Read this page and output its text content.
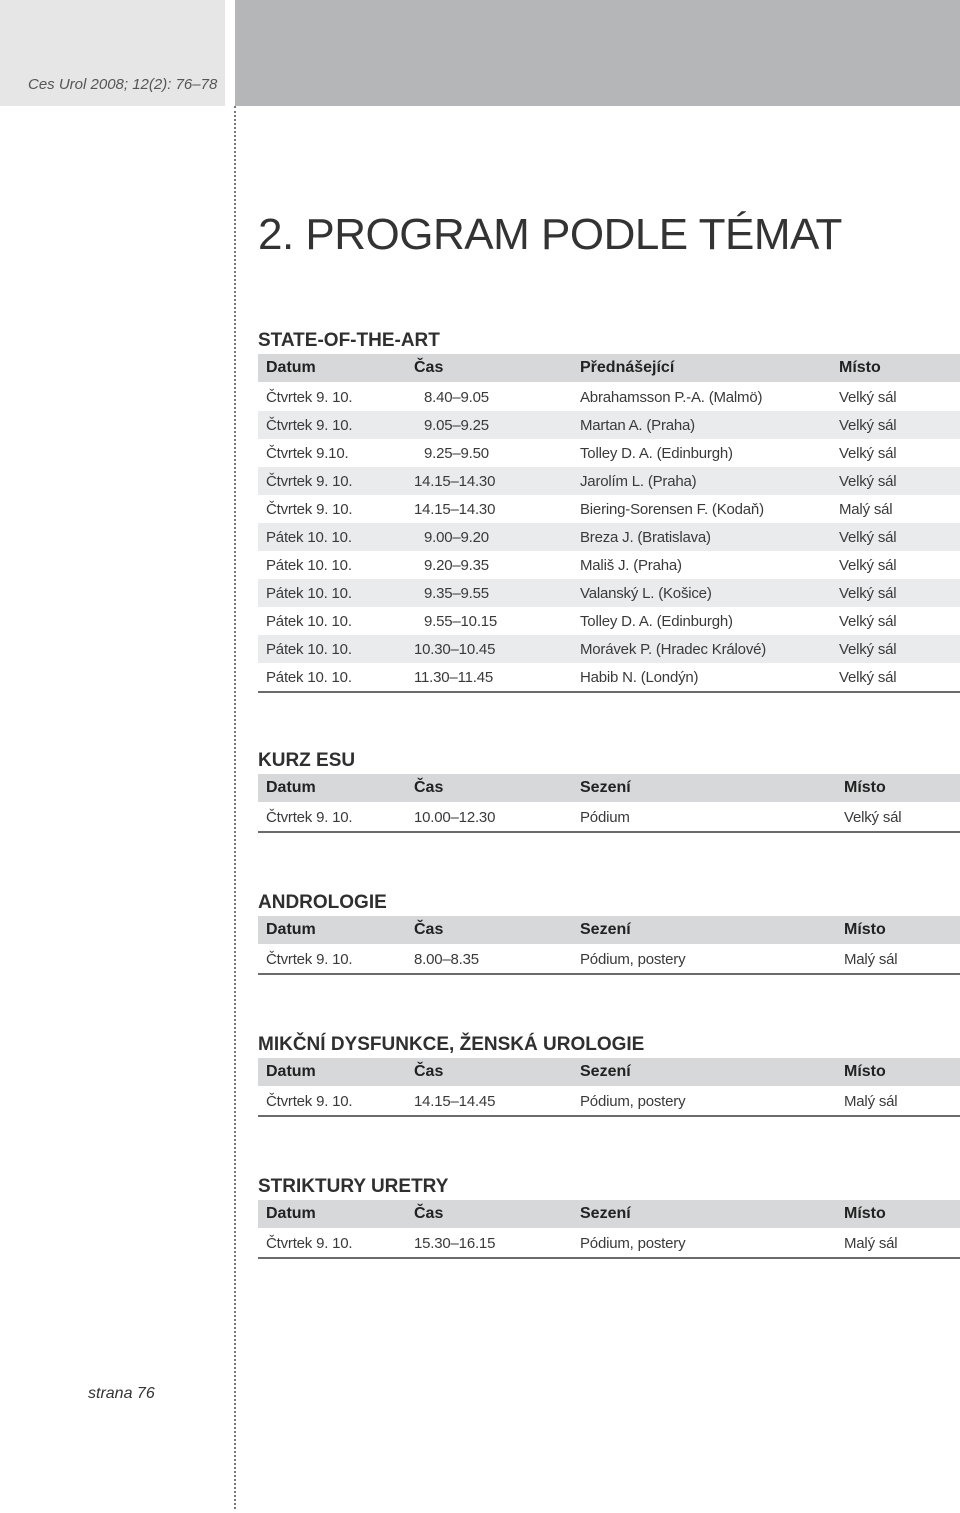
Ces Urol 2008; 12(2): 76–78
2. PROGRAM PODLE TÉMAT
STATE-OF-THE-ART
Datum	Čas	Přednášející	Místo
Čtvrtek 9. 10.	8.40–9.05	Abrahamsson P.-A. (Malmö)	Velký sál
Čtvrtek 9. 10.	9.05–9.25	Martan A. (Praha)	Velký sál
Čtvrtek 9.10.	9.25–9.50	Tolley D. A. (Edinburgh)	Velký sál
Čtvrtek 9. 10.	14.15–14.30	Jarolím L. (Praha)	Velký sál
Čtvrtek 9. 10.	14.15–14.30	Biering-Sorensen F. (Kodaň)	Malý sál
Pátek 10. 10.	9.00–9.20	Breza J. (Bratislava)	Velký sál
Pátek 10. 10.	9.20–9.35	Mališ J. (Praha)	Velký sál
Pátek 10. 10.	9.35–9.55	Valanský L. (Košice)	Velký sál
Pátek 10. 10.	9.55–10.15	Tolley D. A. (Edinburgh)	Velký sál
Pátek 10. 10.	10.30–10.45	Morávek P. (Hradec Králové)	Velký sál
Pátek 10. 10.	11.30–11.45	Habib N. (Londýn)	Velký sál
KURZ ESU
Datum	Čas	Sezení	Místo
Čtvrtek 9. 10.	10.00–12.30	Pódium	Velký sál
ANDROLOGIE
Datum	Čas	Sezení	Místo
Čtvrtek 9. 10.	8.00–8.35	Pódium, postery	Malý sál
MIKČNÍ DYSFUNKCE, ŽENSKÁ UROLOGIE
Datum	Čas	Sezení	Místo
Čtvrtek 9. 10.	14.15–14.45	Pódium, postery	Malý sál
STRIKTURY URETRY
Datum	Čas	Sezení	Místo
Čtvrtek 9. 10.	15.30–16.15	Pódium, postery	Malý sál
strana 76
